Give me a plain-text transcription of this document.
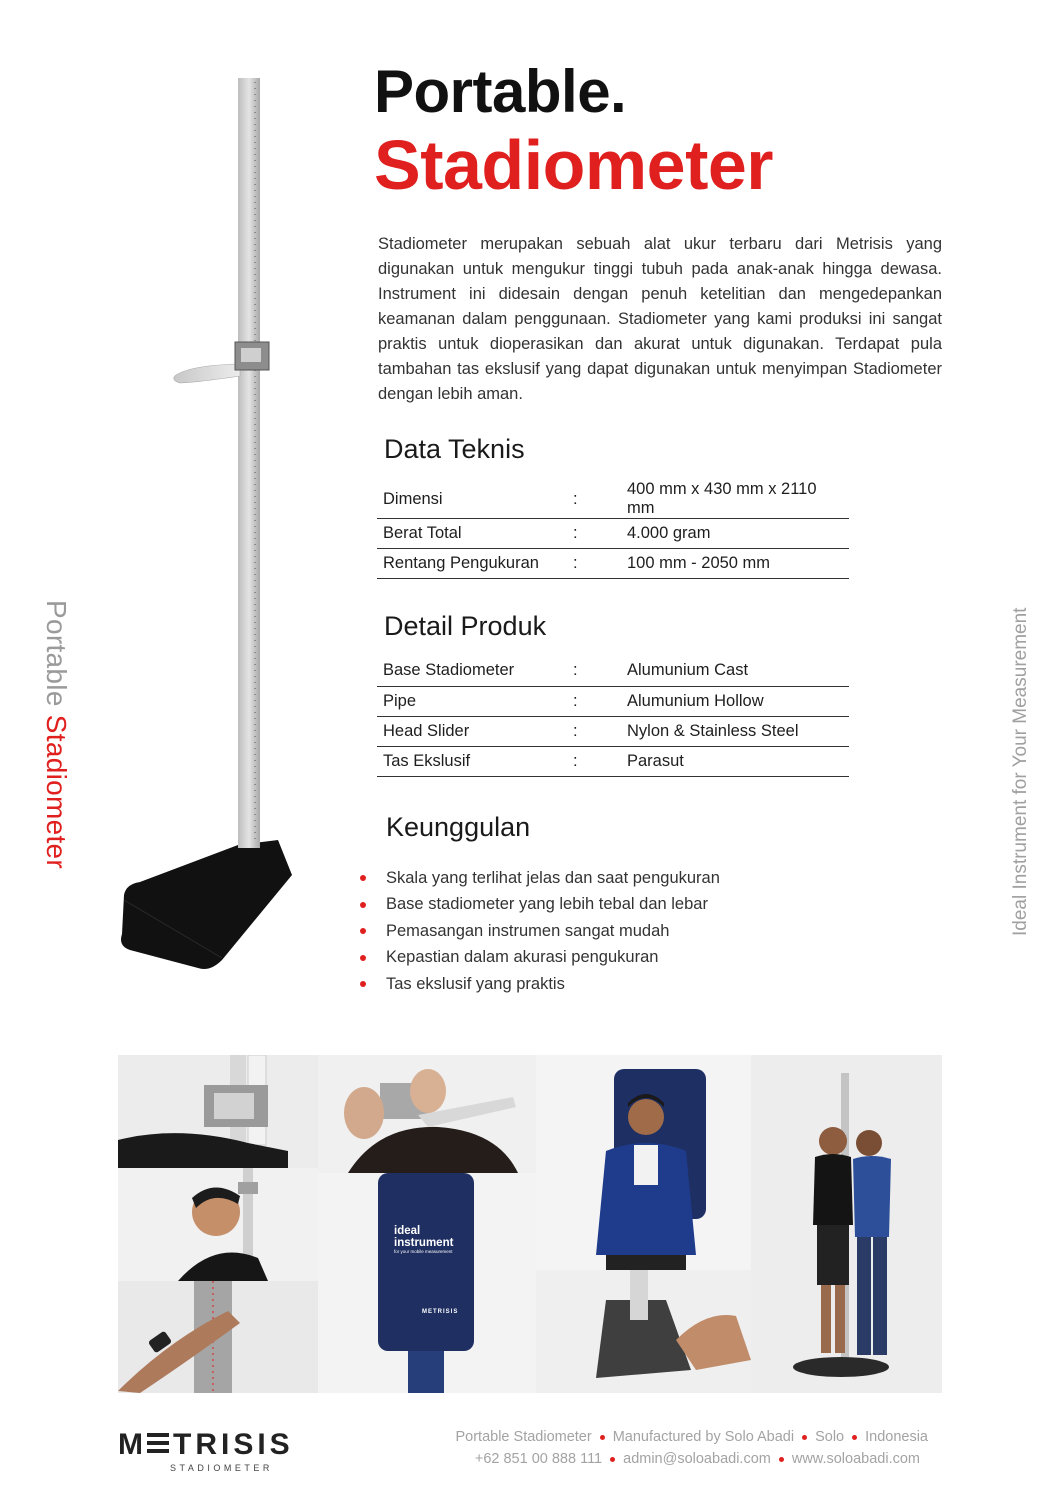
Portable Stadiometer	Ideal Instrument for Your Measurement
Portable.
Stadiometer

Stadiometer merupakan sebuah alat ukur terbaru dari Metrisis yang digunakan untuk mengukur tinggi tubuh pada anak-anak hingga dewasa. Instrument ini didesain dengan penuh ketelitian dan mengedepankan keamanan dalam penggunaan. Stadiometer yang kami produksi ini sangat praktis untuk dioperasikan dan akurat untuk digunakan. Terdapat pula tambahan tas ekslusif yang dapat digunakan untuk menyimpan Stadiometer dengan lebih aman.

Data Teknis
Dimensi	:	400 mm x 430 mm x 2110 mm
Berat Total	:	4.000 gram
Rentang Pengukuran	:	100 mm - 2050 mm
Detail Produk
Base Stadiometer	:	Alumunium Cast
Pipe	:	Alumunium Hollow
Head Slider	:	Nylon & Stainless Steel
Tas Ekslusif	:	Parasut
Keunggulan
Skala yang terlihat jelas dan saat pengukuran
Base stadiometer yang lebih tebal dan lebar
Pemasangan instrumen sangat mudah
Kepastian dalam akurasi pengukuran
Tas ekslusif yang praktis
ideal
instrument
for your mobile measurement
METRISIS
M TRISIS
STADIOMETER
Portable Stadiometer Manufactured by Solo Abadi Solo Indonesia
+62 851 00 888 111 admin@soloabadi.com www.soloabadi.com
